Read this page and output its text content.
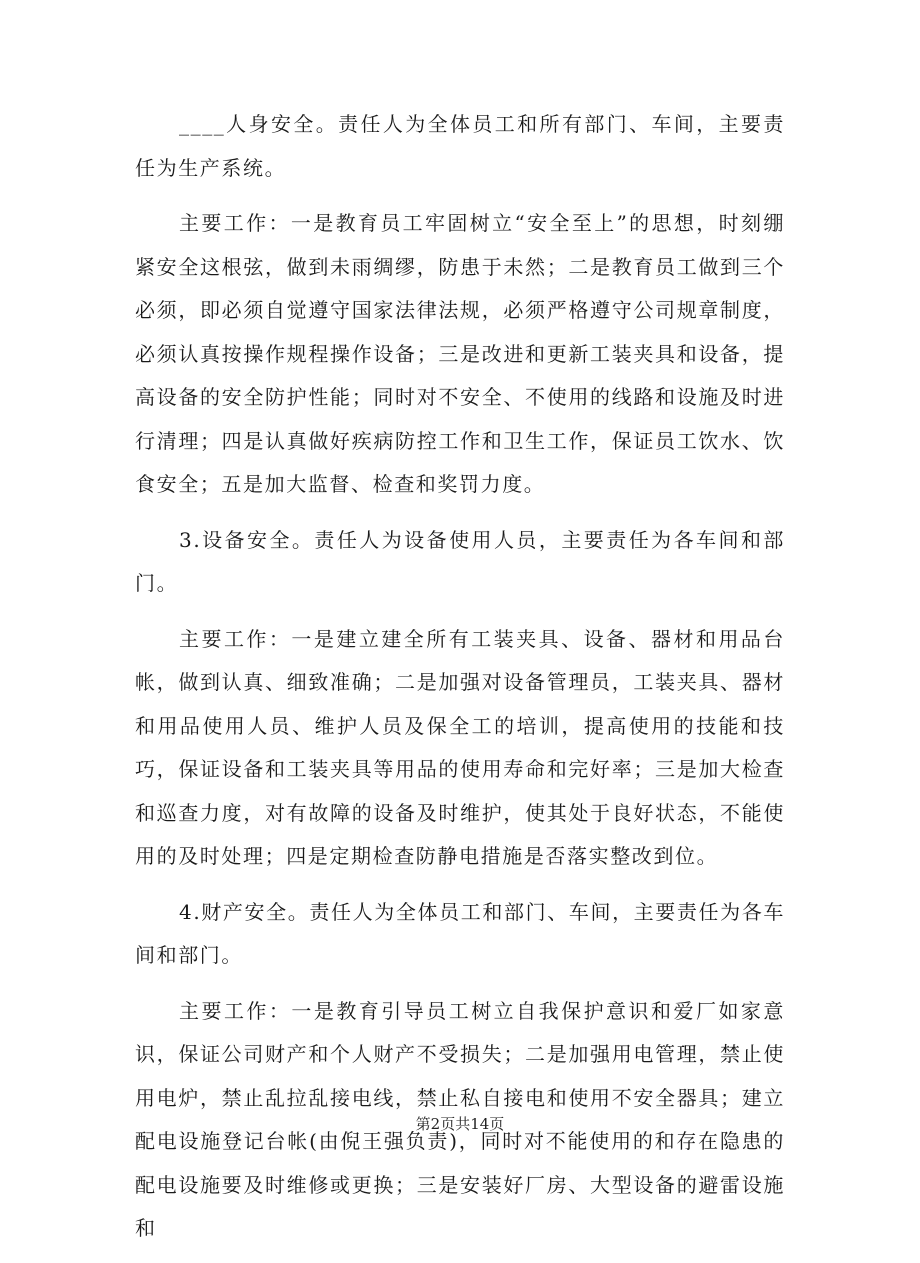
____人身安全。责任人为全体员工和所有部门、车间，主要责任为生产系统。

主要工作：一是教育员工牢固树立“安全至上”的思想，时刻绷紧安全这根弦，做到未雨绸缪，防患于未然；二是教育员工做到三个必须，即必须自觉遵守国家法律法规，必须严格遵守公司规章制度，必须认真按操作规程操作设备；三是改进和更新工装夹具和设备，提高设备的安全防护性能；同时对不安全、不使用的线路和设施及时进行清理；四是认真做好疾病防控工作和卫生工作，保证员工饮水、饮食安全；五是加大监督、检查和奖罚力度。

3.设备安全。责任人为设备使用人员，主要责任为各车间和部门。

主要工作：一是建立建全所有工装夹具、设备、器材和用品台帐，做到认真、细致准确；二是加强对设备管理员，工装夹具、器材和用品使用人员、维护人员及保全工的培训，提高使用的技能和技巧，保证设备和工装夹具等用品的使用寿命和完好率；三是加大检查和巡查力度，对有故障的设备及时维护，使其处于良好状态，不能使用的及时处理；四是定期检查防静电措施是否落实整改到位。

4.财产安全。责任人为全体员工和部门、车间，主要责任为各车间和部门。

主要工作：一是教育引导员工树立自我保护意识和爱厂如家意识，保证公司财产和个人财产不受损失；二是加强用电管理，禁止使用电炉，禁止乱拉乱接电线，禁止私自接电和使用不安全器具；建立配电设施登记台帐(由倪王强负责)，同时对不能使用的和存在隐患的配电设施要及时维修或更换；三是安装好厂房、大型设备的避雷设施和

第2页共14页
